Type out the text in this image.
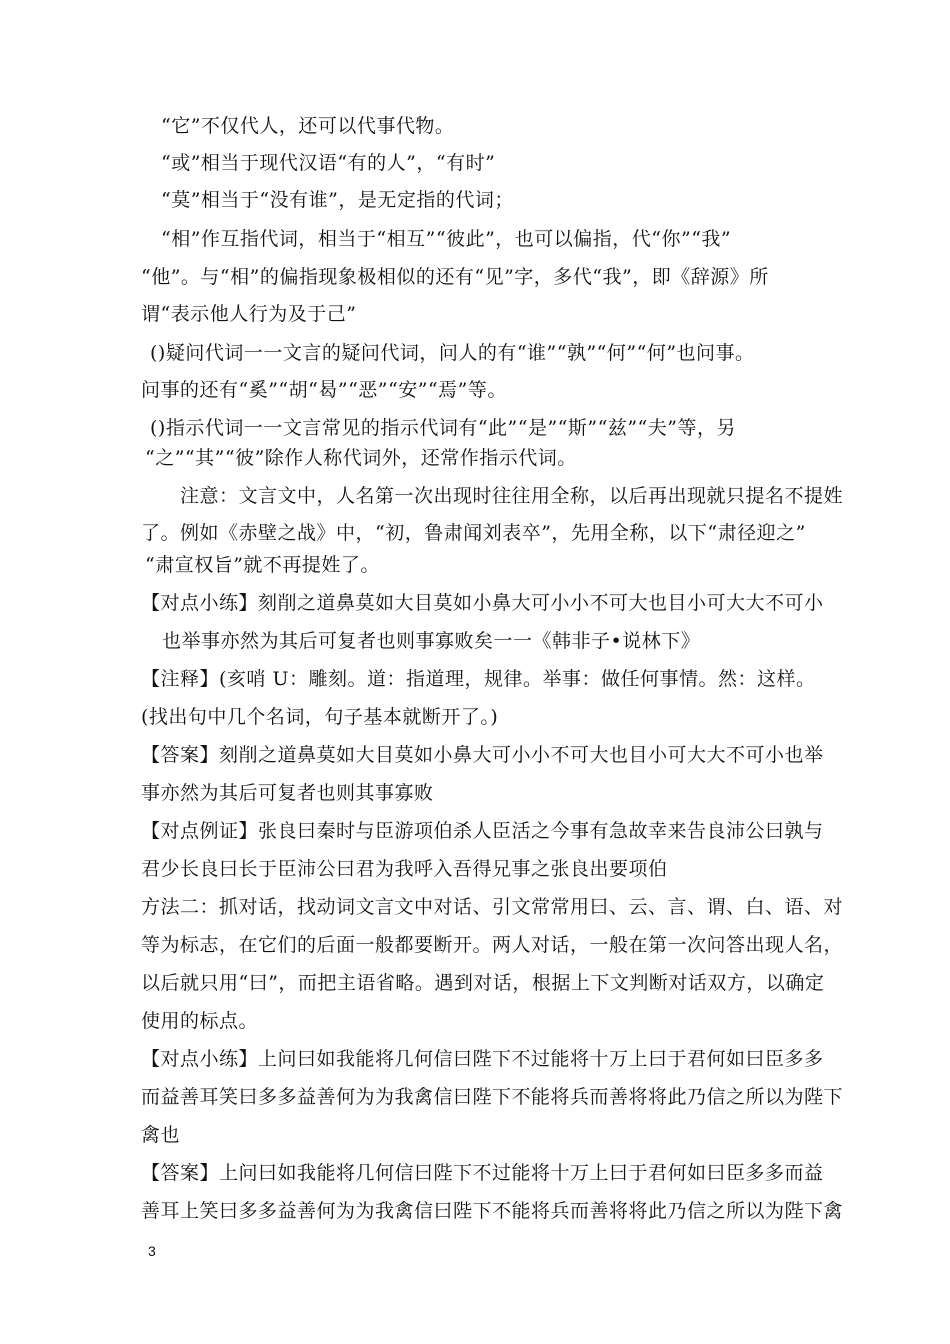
“它”不仅代人，还可以代事代物。
“或”相当于现代汉语“有的人”，“有时”
“莫”相当于“没有谁”，是无定指的代词；
“相”作互指代词，相当于“相互”“彼此”，也可以偏指，代“你”“我”
“他”。与“相”的偏指现象极相似的还有“见”字，多代“我”，即《辞源》所
谓“表示他人行为及于己”
()疑问代词一一文言的疑问代词，问人的有“谁”“孰”“何”“何”也问事。
问事的还有“奚”“胡“曷”“恶”“安”“焉”等。
()指示代词一一文言常见的指示代词有“此”“是”“斯”“兹”“夫”等，另
“之”“其”“彼”除作人称代词外，还常作指示代词。
注意：文言文中，人名第一次出现时往往用全称，以后再出现就只提名不提姓
了。例如《赤壁之战》中，“初，鲁肃闻刘表卒”，先用全称，以下“肃径迎之”
“肃宣权旨”就不再提姓了。
【对点小练】刻削之道鼻莫如大目莫如小鼻大可小小不可大也目小可大大不可小
也举事亦然为其后可复者也则事寡败矣一一《韩非子•说林下》
【注释】(亥哨 U：雕刻。道：指道理，规律。举事：做任何事情。然：这样。
(找出句中几个名词，句子基本就断开了。)
【答案】刻削之道鼻莫如大目莫如小鼻大可小小不可大也目小可大大不可小也举
事亦然为其后可复者也则其事寡败
【对点例证】张良曰秦时与臣游项伯杀人臣活之今事有急故幸来告良沛公曰孰与
君少长良曰长于臣沛公曰君为我呼入吾得兄事之张良出要项伯
方法二：抓对话，找动词文言文中对话、引文常常用曰、云、言、谓、白、语、对
等为标志，在它们的后面一般都要断开。两人对话，一般在第一次问答出现人名，
以后就只用“曰”，而把主语省略。遇到对话，根据上下文判断对话双方，以确定
使用的标点。
【对点小练】上问曰如我能将几何信曰陛下不过能将十万上曰于君何如曰臣多多
而益善耳笑曰多多益善何为为我禽信曰陛下不能将兵而善将将此乃信之所以为陛下
禽也
【答案】上问曰如我能将几何信曰陛下不过能将十万上曰于君何如曰臣多多而益
善耳上笑曰多多益善何为为我禽信曰陛下不能将兵而善将将此乃信之所以为陛下禽
3
